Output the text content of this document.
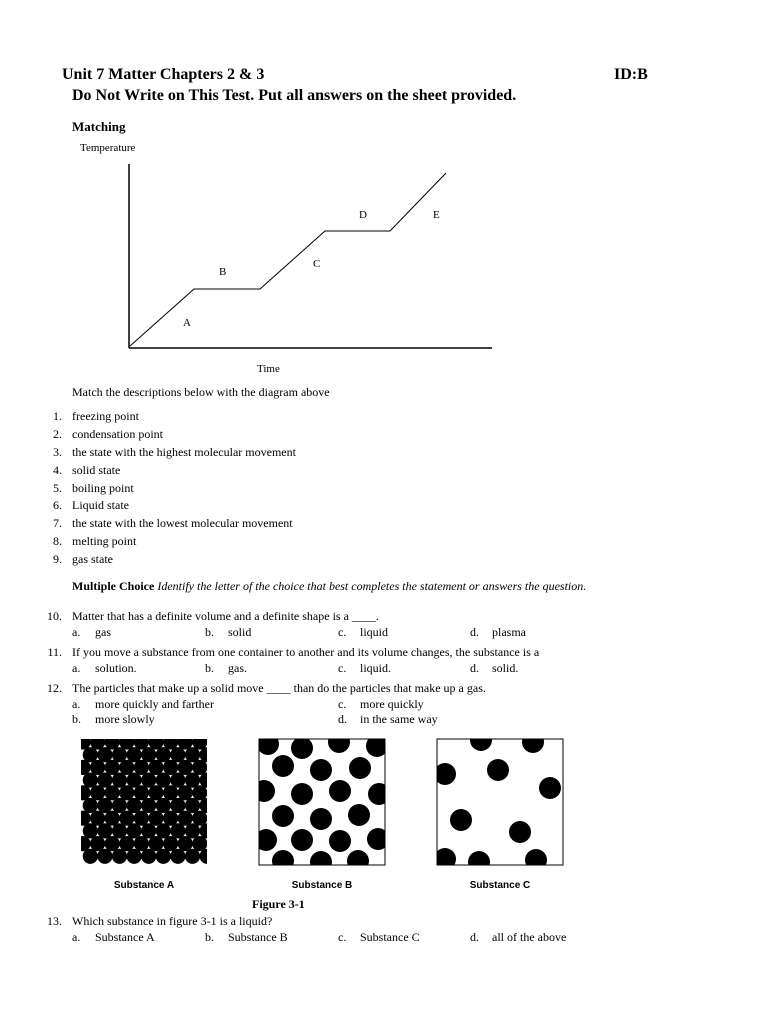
Unit 7 Matter Chapters 2 & 3	ID:B
Do Not Write on This Test. Put all answers on the sheet provided.
Matching
Temperature
A
B
C
D	E
Time
Match the descriptions below with the diagram above
1. freezing point
2. condensation point
3. the state with the highest molecular movement
4. solid state
5. boiling point
6. Liquid state
7. the state with the lowest molecular movement
8. melting point
9. gas state
Multiple Choice Identify the letter of the choice that best completes the statement or answers the question.
10. Matter that has a definite volume and a definite shape is a ____.
a. gas	b. solid	c. liquid	d. plasma
11. If you move a substance from one container to another and its volume changes, the substance is a
a. solution.	b. gas.	c. liquid.	d. solid.
12. The particles that make up a solid move ____ than do the particles that make up a gas.
a. more quickly and farther	c. more quickly
b. more slowly	d. in the same way
Substance A	Substance B	Substance C
Figure 3-1
13. Which substance in figure 3-1 is a liquid?
a. Substance A	b. Substance B	c. Substance C	d. all of the above
